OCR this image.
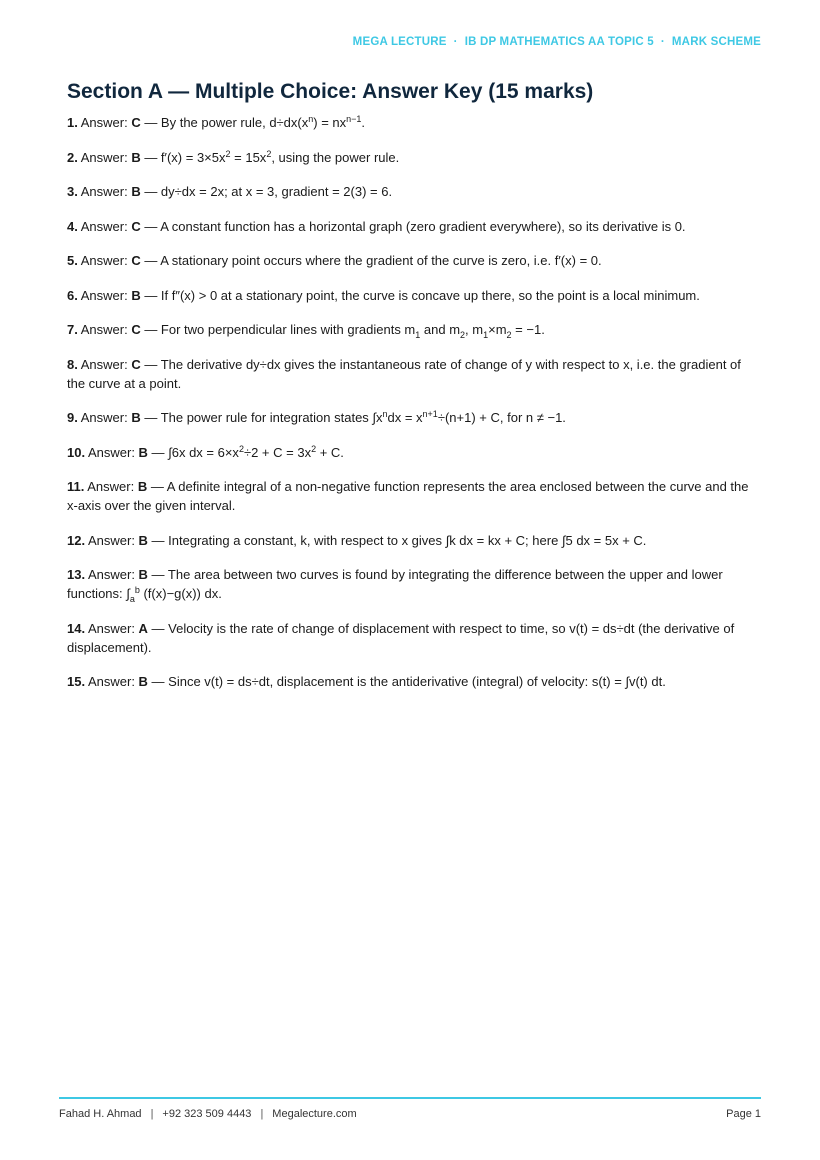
MEGA LECTURE · IB DP MATHEMATICS AA TOPIC 5 · MARK SCHEME
Section A — Multiple Choice: Answer Key (15 marks)

1. Answer: C — By the power rule, $d\div dx(x^n) = nx^{n-1}$.

2. Answer: B — $f'(x) = 3\times 5x^2 = 15x^2$, using the power rule.

3. Answer: B — dy÷dx = 2x; at x = 3, gradient = 2(3) = 6.

4. Answer: C — A constant function has a horizontal graph (zero gradient everywhere), so its derivative is 0.

5. Answer: C — A stationary point occurs where the gradient of the curve is zero, i.e. f′(x) = 0.

6. Answer: B — If f″(x) > 0 at a stationary point, the curve is concave up there, so the point is a local minimum.

7. Answer: C — For two perpendicular lines with gradients $m_1$ and $m_2$, $m_1\times m_2 = -1$.

8. Answer: C — The derivative dy÷dx gives the instantaneous rate of change of y with respect to x, i.e. the gradient of the curve at a point.

9. Answer: B — The power rule for integration states $\int x^ndx = x^{n+1}\div(n+1) + C$, for n ≠ −1.

10. Answer: B — ∫6x dx = $6\times x^2\div 2 + C = 3x^2 + C$.

11. Answer: B — A definite integral of a non-negative function represents the area enclosed between the curve and the x-axis over the given interval.

12. Answer: B — Integrating a constant, k, with respect to x gives ∫k dx = kx + C; here ∫5 dx = 5x + C.

13. Answer: B — The area between two curves is found by integrating the difference between the upper and lower functions: $\int_a^b$ (f(x)−g(x)) dx.

14. Answer: A — Velocity is the rate of change of displacement with respect to time, so v(t) = ds÷dt (the derivative of displacement).

15. Answer: B — Since v(t) = ds÷dt, displacement is the antiderivative (integral) of velocity: s(t) = ∫v(t) dt.

Fahad H. Ahmad | +92 323 509 4443 | Megalecture.com	Page 1
